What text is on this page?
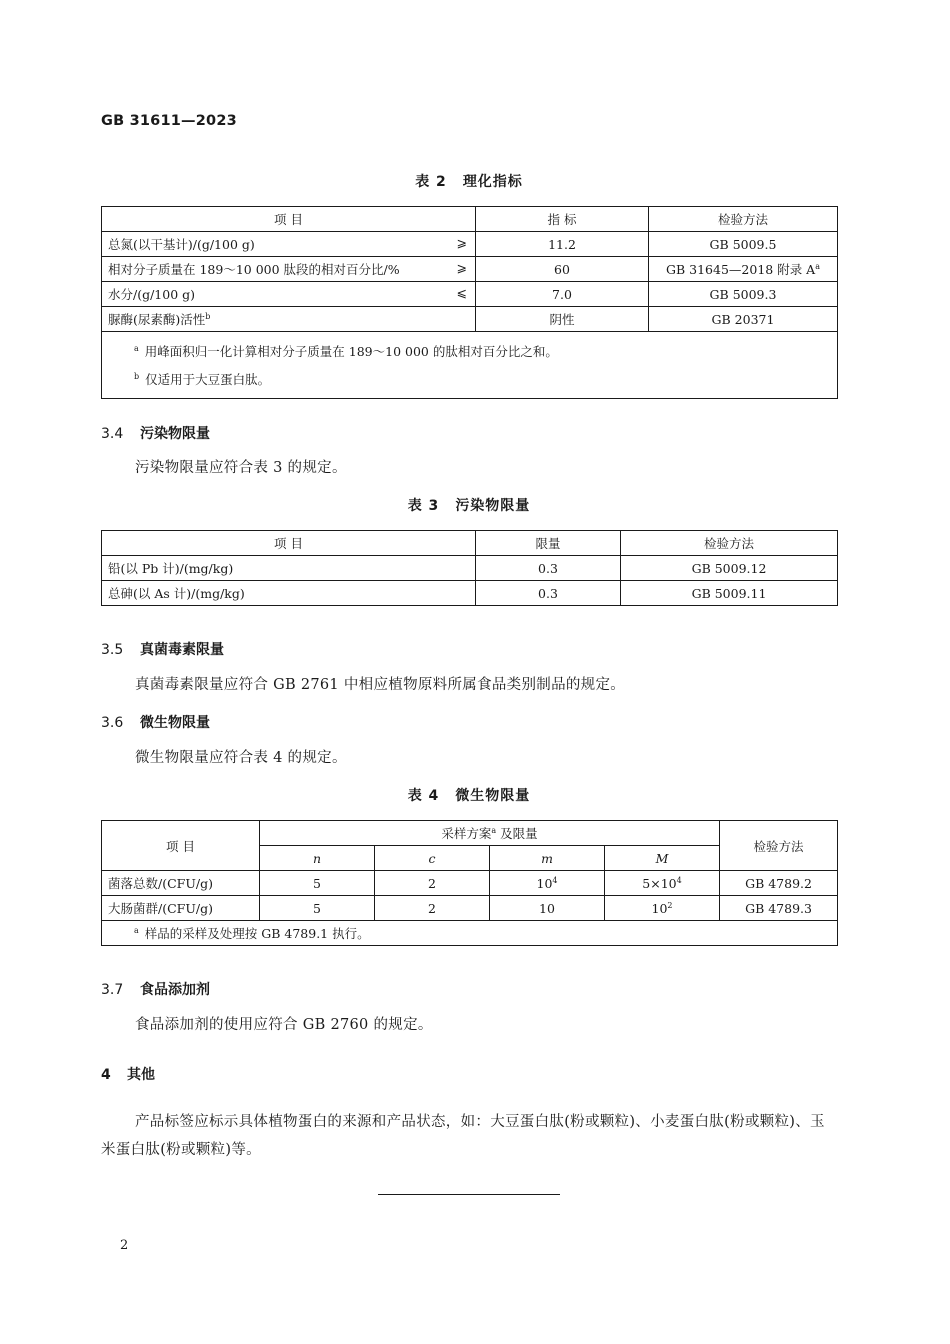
GB 31611—2023
表 2 理化指标
项 目	指 标	检验方法

总氮(以干基计)/(g/100 g) ⩾	11.2	GB 5009.5

相对分子质量在 189～10 000 肽段的相对百分比/% ⩾	60	GB 31645—2018 附录 $A^a$

水分/(g/100 g) ⩽	7.0	GB 5009.3
脲酶(尿素酶)活性$^b$	阴性	GB 20371

$^a$ 用峰面积归一化计算相对分子质量在 189～10 000 的肽相对百分比之和。
$^b$ 仅适用于大豆蛋白肽。		
3.4 污染物限量
污染物限量应符合表 3 的规定。
表 3 污染物限量
项 目	限量	检验方法
铅(以 Pb 计)/(mg/kg)	0.3	GB 5009.12
总砷(以 As 计)/(mg/kg)	0.3	GB 5009.11
3.5 真菌毒素限量
真菌毒素限量应符合 GB 2761 中相应植物原料所属食品类别制品的规定。
3.6 微生物限量
微生物限量应符合表 4 的规定。
表 4 微生物限量
项 目	采样方案$^a$ 及限量				检验方法
	n	c	m	M	
菌落总数/(CFU/g)	5	2	$10^4$	$5\times 10^4$	GB 4789.2
大肠菌群/(CFU/g)	5	2	10	$10^2$	GB 4789.3
$^a$ 样品的采样及处理按 GB 4789.1 执行。					
3.7 食品添加剂
食品添加剂的使用应符合 GB 2760 的规定。
4 其他
产品标签应标示具体植物蛋白的来源和产品状态，如：大豆蛋白肽(粉或颗粒)、小麦蛋白肽(粉或颗粒)、玉米蛋白肽(粉或颗粒)等。
2
